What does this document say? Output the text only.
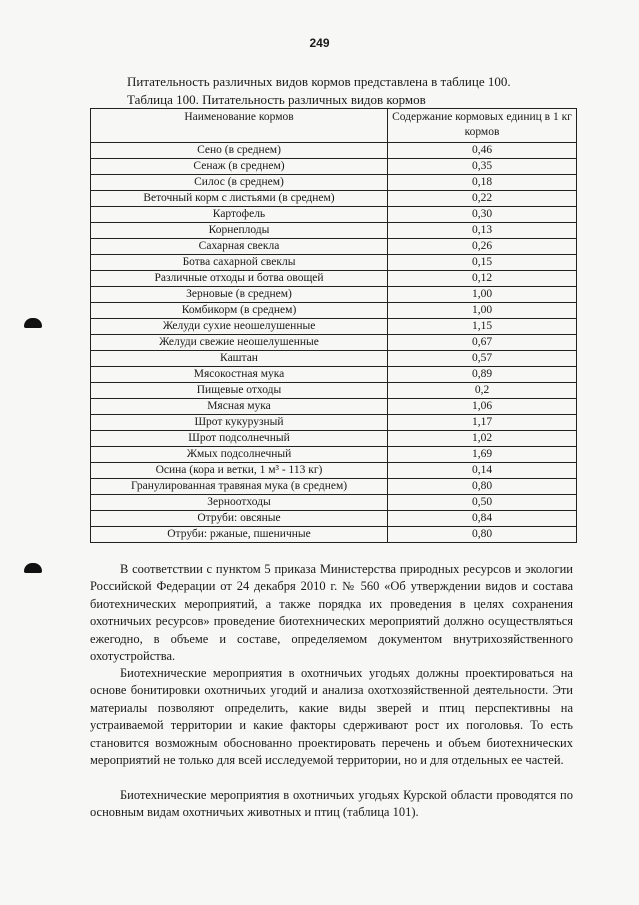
249
Питательность различных видов кормов представлена в таблице 100.
Таблица 100. Питательность различных видов кормов
Наименование кормов	Содержание кормовых единиц в 1 кг кормов
Сено (в среднем)	0,46
Сенаж (в среднем)	0,35
Силос (в среднем)	0,18
Веточный корм с листьями (в среднем)	0,22
Картофель	0,30
Корнеплоды	0,13
Сахарная свекла	0,26
Ботва сахарной свеклы	0,15
Различные отходы и ботва овощей	0,12
Зерновые (в среднем)	1,00
Комбикорм (в среднем)	1,00
Желуди сухие неошелушенные	1,15
Желуди свежие неошелушенные	0,67
Каштан	0,57
Мясокостная мука	0,89
Пищевые отходы	0,2
Мясная мука	1,06
Шрот кукурузный	1,17
Шрот подсолнечный	1,02
Жмых подсолнечный	1,69
Осина (кора и ветки, 1 м³ - 113 кг)	0,14
Гранулированная травяная мука (в среднем)	0,80
Зерноотходы	0,50
Отруби: овсяные	0,84
Отруби: ржаные, пшеничные	0,80
В соответствии с пунктом 5 приказа Министерства природных ресурсов и экологии Российской Федерации от 24 декабря 2010 г. № 560 «Об утверждении видов и состава биотехнических мероприятий, а также порядка их проведения в целях сохранения охотничьих ресурсов» проведение биотехнических мероприятий должно осуществляться ежегодно, в объеме и составе, определяемом документом внутрихозяйственного охотустройства.
Биотехнические мероприятия в охотничьих угодьях должны проектироваться на основе бонитировки охотничьих угодий и анализа охотхозяйственной деятельности. Эти материалы позволяют определить, какие виды зверей и птиц перспективны на устраиваемой территории и какие факторы сдерживают рост их поголовья. То есть становится возможным обоснованно проектировать перечень и объем биотехнических мероприятий не только для всей исследуемой территории, но и для отдельных ее частей.
Биотехнические мероприятия в охотничьих угодьях Курской области проводятся по основным видам охотничьих животных и птиц (таблица 101).
